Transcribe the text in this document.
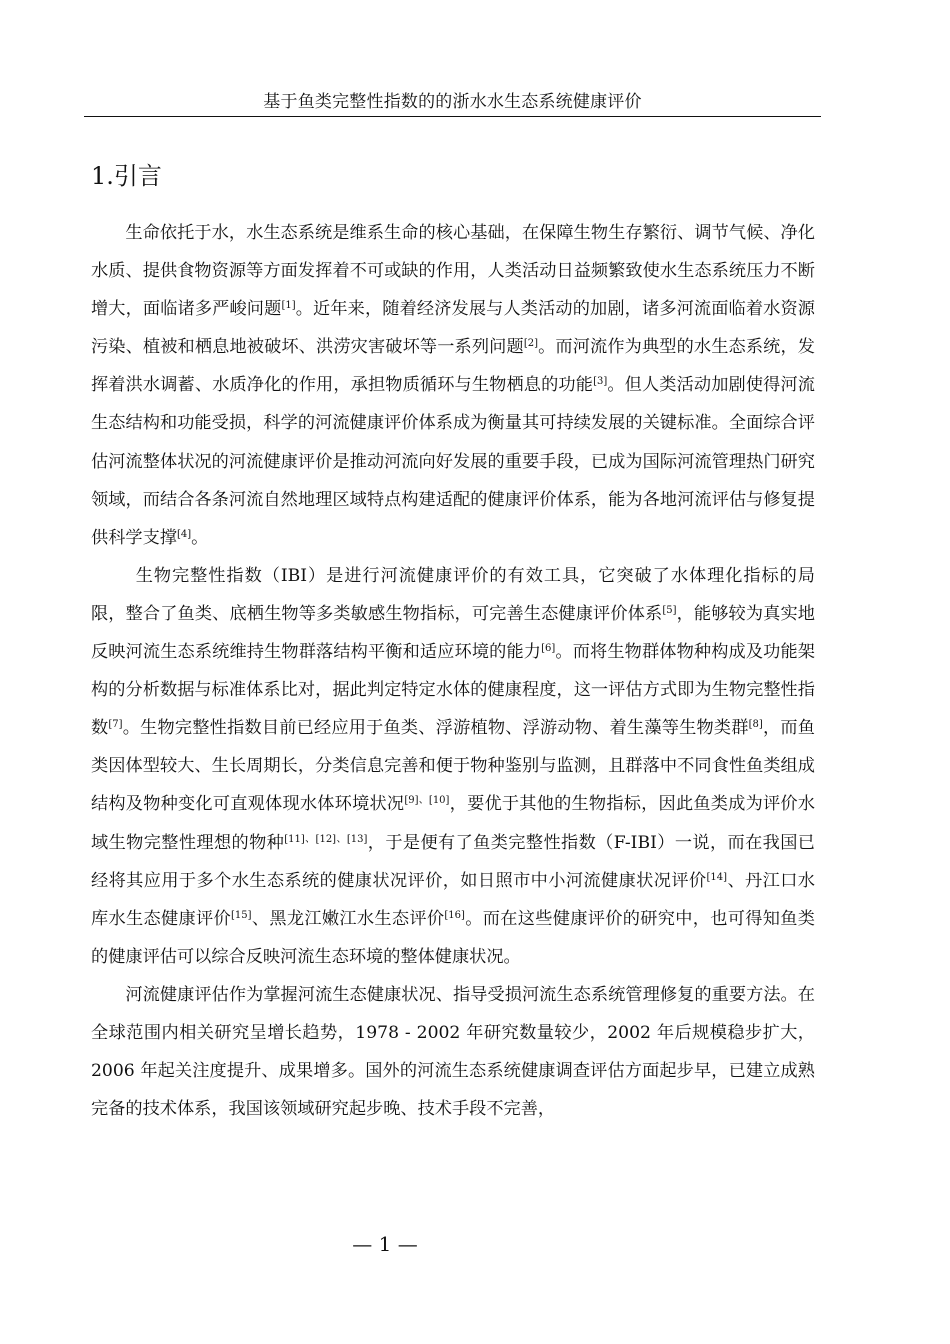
基于鱼类完整性指数的的浙水水生态系统健康评价
1.引言

生命依托于水，水生态系统是维系生命的核心基础，在保障生物生存繁衍、调节气候、净化水质、提供食物资源等方面发挥着不可或缺的作用，人类活动日益频繁致使水生态系统压力不断增大，面临诸多严峻问题[1]。近年来，随着经济发展与人类活动的加剧，诸多河流面临着水资源污染、植被和栖息地被破坏、洪涝灾害破坏等一系列问题[2]。而河流作为典型的水生态系统，发挥着洪水调蓄、水质净化的作用，承担物质循环与生物栖息的功能[3]。但人类活动加剧使得河流生态结构和功能受损，科学的河流健康评价体系成为衡量其可持续发展的关键标准。全面综合评估河流整体状况的河流健康评价是推动河流向好发展的重要手段，已成为国际河流管理热门研究领域，而结合各条河流自然地理区域特点构建适配的健康评价体系，能为各地河流评估与修复提供科学支撑[4]。

生物完整性指数（IBI）是进行河流健康评价的有效工具，它突破了水体理化指标的局限，整合了鱼类、底栖生物等多类敏感生物指标，可完善生态健康评价体系[5]，能够较为真实地反映河流生态系统维持生物群落结构平衡和适应环境的能力[6]。而将生物群体物种构成及功能架构的分析数据与标准体系比对，据此判定特定水体的健康程度，这一评估方式即为生物完整性指数[7]。生物完整性指数目前已经应用于鱼类、浮游植物、浮游动物、着生藻等生物类群[8]，而鱼类因体型较大、生长周期长，分类信息完善和便于物种鉴别与监测，且群落中不同食性鱼类组成结构及物种变化可直观体现水体环境状况[9]、[10]，要优于其他的生物指标，因此鱼类成为评价水域生物完整性理想的物种[11]、[12]、[13]，于是便有了鱼类完整性指数（F-IBI）一说，而在我国已经将其应用于多个水生态系统的健康状况评价，如日照市中小河流健康状况评价[14]、丹江口水库水生态健康评价[15]、黑龙江嫩江水生态评价[16]。而在这些健康评价的研究中，也可得知鱼类的健康评估可以综合反映河流生态环境的整体健康状况。

河流健康评估作为掌握河流生态健康状况、指导受损河流生态系统管理修复的重要方法。在全球范围内相关研究呈增长趋势，1978 - 2002 年研究数量较少，2002 年后规模稳步扩大，2006 年起关注度提升、成果增多。国外的河流生态系统健康调查评估方面起步早，已建立成熟完备的技术体系，我国该领域研究起步晚、技术手段不完善，

— 1 —
